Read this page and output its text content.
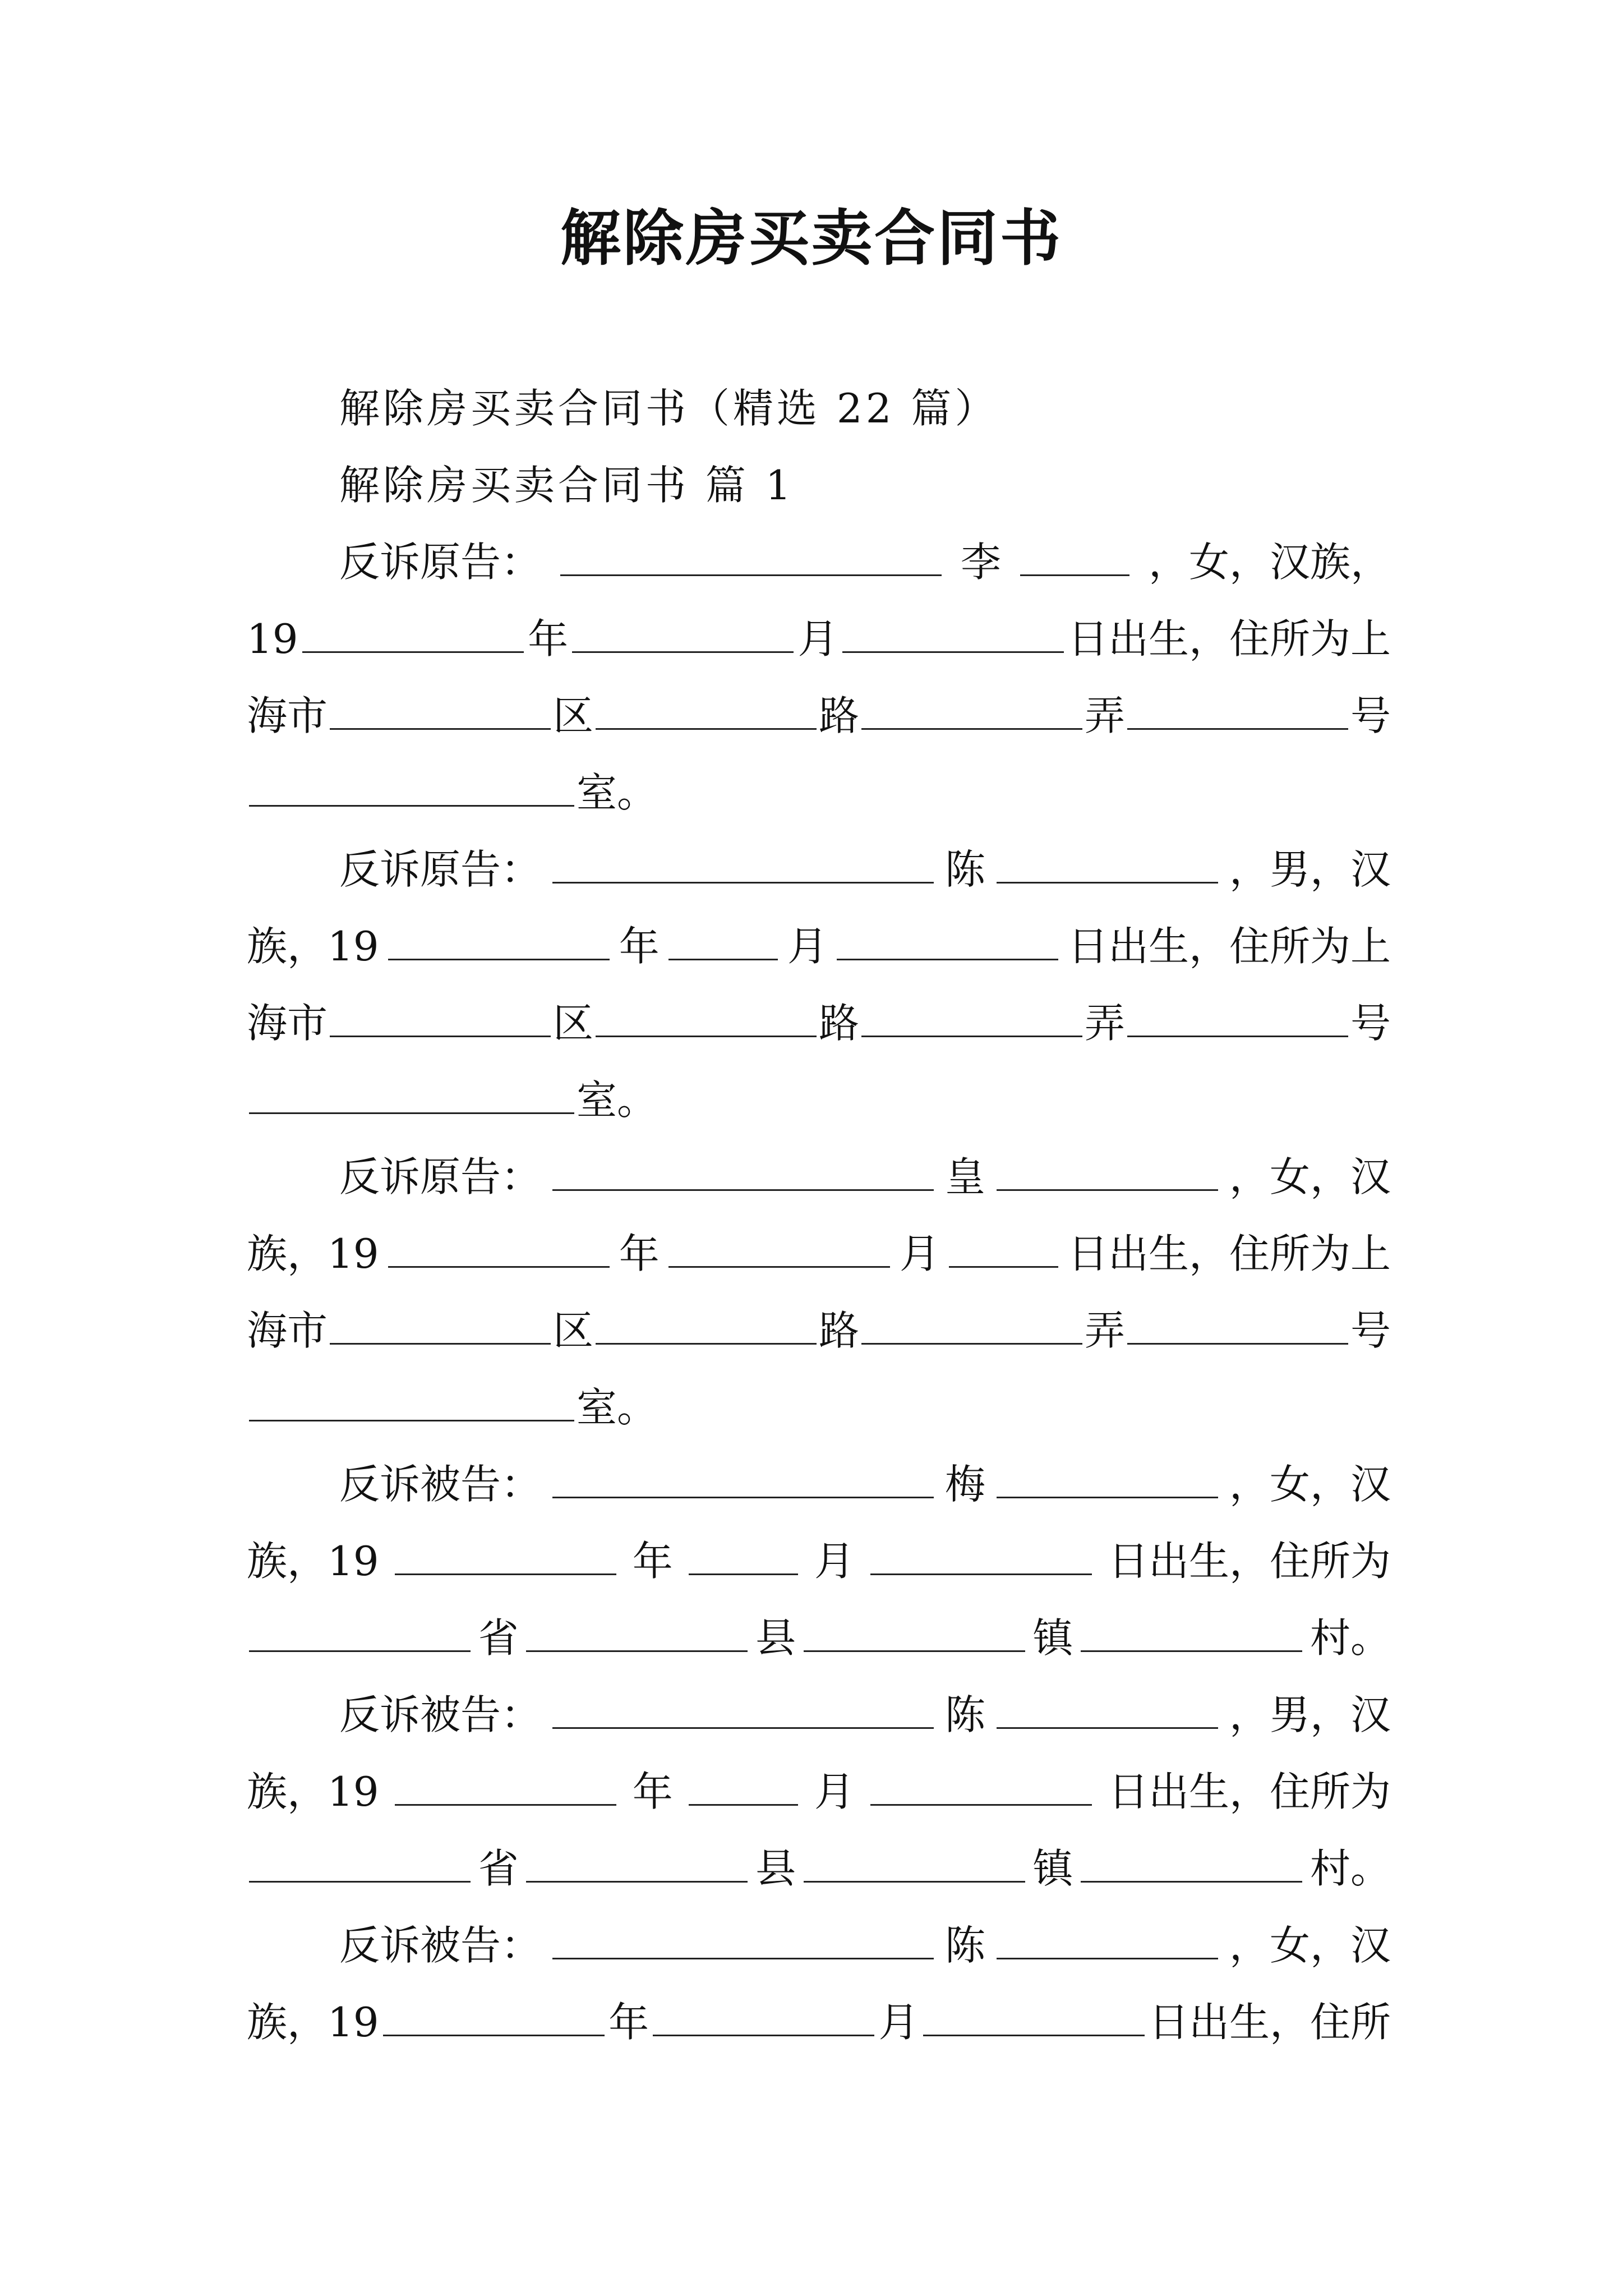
解除房买卖合同书
解除房买卖合同书（精选 22 篇）
解除房买卖合同书 篇 1
反诉原告：	李	，女，汉族，
19	年	月	日出生，住所为上
海市	区	路	弄	号
室。
反诉原告：	陈	，男，汉
族，19	年	月	日出生，住所为上
海市	区	路	弄	号
室。
反诉原告：	皇	，女，汉
族，19	年	月	日出生，住所为上
海市	区	路	弄	号
室。
反诉被告：	梅	，女，汉
族，19	年	月	日出生，住所为
省	县	镇	村。
反诉被告：	陈	，男，汉
族，19	年	月	日出生，住所为
省	县	镇	村。
反诉被告：	陈	，女，汉
族，19	年	月	日出生，住所
